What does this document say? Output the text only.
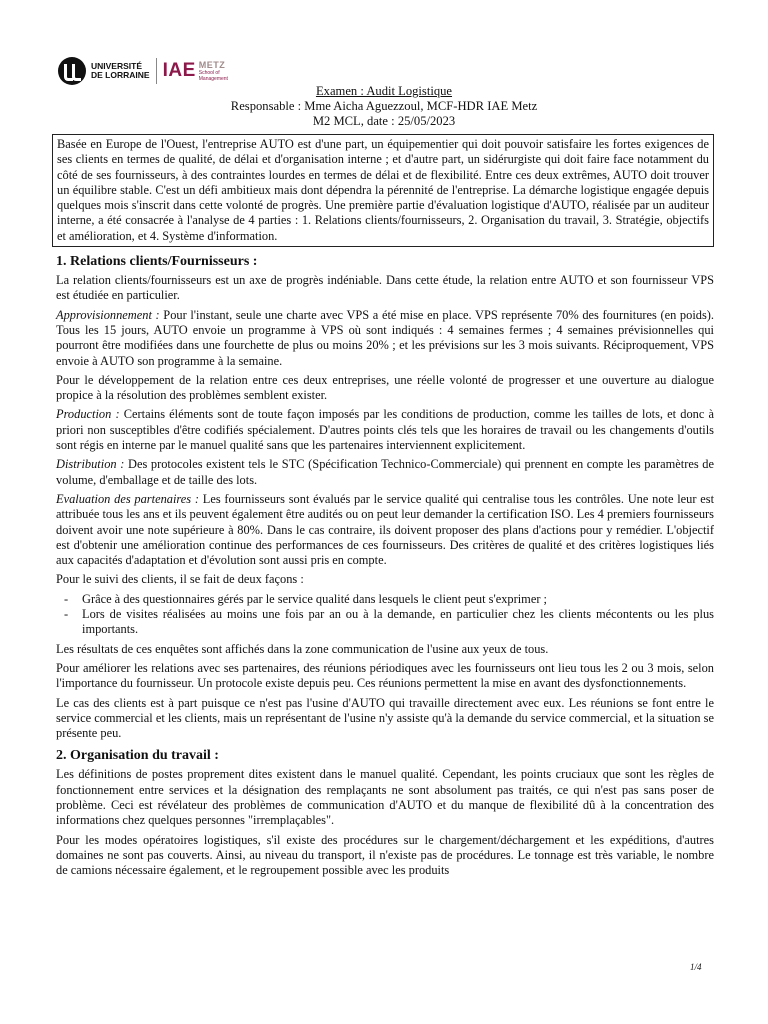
UNIVERSITÉ
DE LORRAINE IAE METZ
School of
Management
Examen : Audit Logistique
Responsable : Mme Aicha Aguezzoul, MCF-HDR IAE Metz
M2 MCL, date : 25/05/2023
Basée en Europe de l'Ouest, l'entreprise AUTO est d'une part, un équipementier qui doit pouvoir satisfaire les fortes exigences de ses clients en termes de qualité, de délai et d'organisation interne ; et d'autre part, un sidérurgiste qui doit faire face notamment du côté de ses fournisseurs, à des contraintes lourdes en termes de délai et de flexibilité. Entre ces deux extrêmes, AUTO doit trouver un équilibre stable. C'est un défi ambitieux mais dont dépendra la pérennité de l'entreprise. La démarche logistique engagée depuis quelques mois s'inscrit dans cette volonté de progrès. Une première partie d'évaluation logistique d'AUTO, réalisée par un auditeur interne, a été consacrée à l'analyse de 4 parties : 1. Relations clients/fournisseurs, 2. Organisation du travail, 3. Stratégie, objectifs et amélioration, et 4. Système d'information.
1. Relations clients/Fournisseurs :

La relation clients/fournisseurs est un axe de progrès indéniable. Dans cette étude, la relation entre AUTO et son fournisseur VPS est étudiée en particulier.

Approvisionnement : Pour l'instant, seule une charte avec VPS a été mise en place. VPS représente 70% des fournitures (en poids). Tous les 15 jours, AUTO envoie un programme à VPS où sont indiqués : 4 semaines fermes ; 4 semaines prévisionnelles qui pourront être modifiées dans une fourchette de plus ou moins 20% ; et les prévisions sur les 3 mois suivants. Réciproquement, VPS envoie à AUTO son programme à la semaine.

Pour le développement de la relation entre ces deux entreprises, une réelle volonté de progresser et une ouverture au dialogue propice à la résolution des problèmes semblent exister.

Production : Certains éléments sont de toute façon imposés par les conditions de production, comme les tailles de lots, et donc à priori non susceptibles d'être codifiés spécialement. D'autres points clés tels que les horaires de travail ou les changements d'outils sont régis en interne par le manuel qualité sans que les partenaires interviennent explicitement.

Distribution : Des protocoles existent tels le STC (Spécification Technico-Commerciale) qui prennent en compte les paramètres de volume, d'emballage et de taille des lots.

Evaluation des partenaires : Les fournisseurs sont évalués par le service qualité qui centralise tous les contrôles. Une note leur est attribuée tous les ans et ils peuvent également être audités ou on peut leur demander la certification ISO. Les 4 premiers fournisseurs doivent avoir une note supérieure à 80%. Dans le cas contraire, ils doivent proposer des plans d'actions pour y remédier. L'objectif est d'obtenir une amélioration continue des performances de ces fournisseurs. Des critères de qualité et des critères logistiques liés aux capacités d'adaptation et d'évolution sont aussi pris en compte.

Pour le suivi des clients, il se fait de deux façons :

- Grâce à des questionnaires gérés par le service qualité dans lesquels le client peut s'exprimer ;
- Lors de visites réalisées au moins une fois par an ou à la demande, en particulier chez les clients mécontents ou les plus importants.

Les résultats de ces enquêtes sont affichés dans la zone communication de l'usine aux yeux de tous.

Pour améliorer les relations avec ses partenaires, des réunions périodiques avec les fournisseurs ont lieu tous les 2 ou 3 mois, selon l'importance du fournisseur. Un protocole existe depuis peu. Ces réunions permettent la mise en avant des dysfonctionnements.

Le cas des clients est à part puisque ce n'est pas l'usine d'AUTO qui travaille directement avec eux. Les réunions se font entre le service commercial et les clients, mais un représentant de l'usine n'y assiste qu'à la demande du service commercial, et la situation se présente peu.

2. Organisation du travail :

Les définitions de postes proprement dites existent dans le manuel qualité. Cependant, les points cruciaux que sont les règles de fonctionnement entre services et la désignation des remplaçants ne sont absolument pas traités, ce qui n'est pas sans poser de problème. Ceci est révélateur des problèmes de communication d'AUTO et du manque de flexibilité dû à la concentration des informations chez quelques personnes "irremplaçables".

Pour les modes opératoires logistiques, s'il existe des procédures sur le chargement/déchargement et les expéditions, d'autres domaines ne sont pas couverts. Ainsi, au niveau du transport, il n'existe pas de procédures. Le tonnage est très variable, le nombre de camions nécessaire également, et le regroupement possible avec les produits

1/4
